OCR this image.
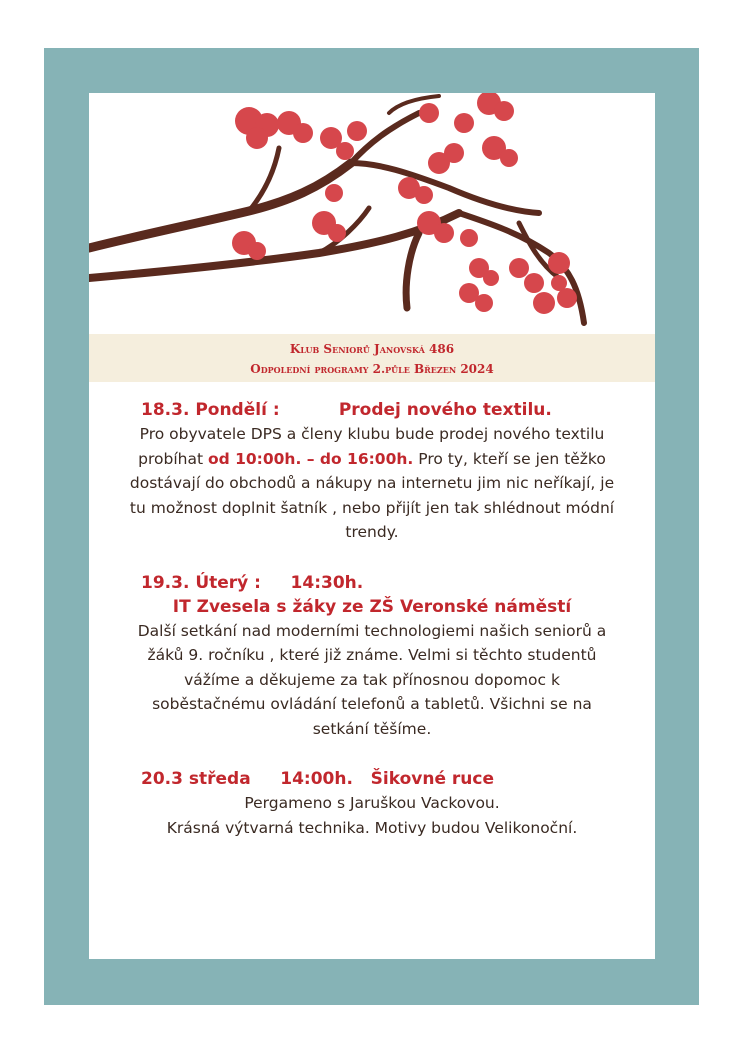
Klub Seniorů Janovská 486
Odpolední programy 2.půle Březen 2024
18.3. Pondělí :          Prodej nového textilu.
Pro obyvatele DPS a členy klubu bude prodej nového textilu probíhat od 10:00h. – do 16:00h. Pro ty, kteří se jen těžko dostávají do obchodů a nákupy na internetu jim nic neříkají, je tu možnost doplnit šatník , nebo přijít jen tak shlédnout módní trendy.
19.3. Úterý :     14:30h.
IT Zvesela s žáky ze ZŠ Veronské náměstí
Další setkání nad moderními technologiemi našich seniorů a žáků 9. ročníku , které již známe. Velmi si těchto studentů vážíme a děkujeme za tak přínosnou dopomoc k soběstačnému ovládání telefonů a tabletů. Všichni se na setkání těšíme.
20.3 středa     14:00h.   Šikovné ruce
Pergameno s Jaruškou Vackovou.
Krásná výtvarná technika. Motivy budou Velikonoční.
